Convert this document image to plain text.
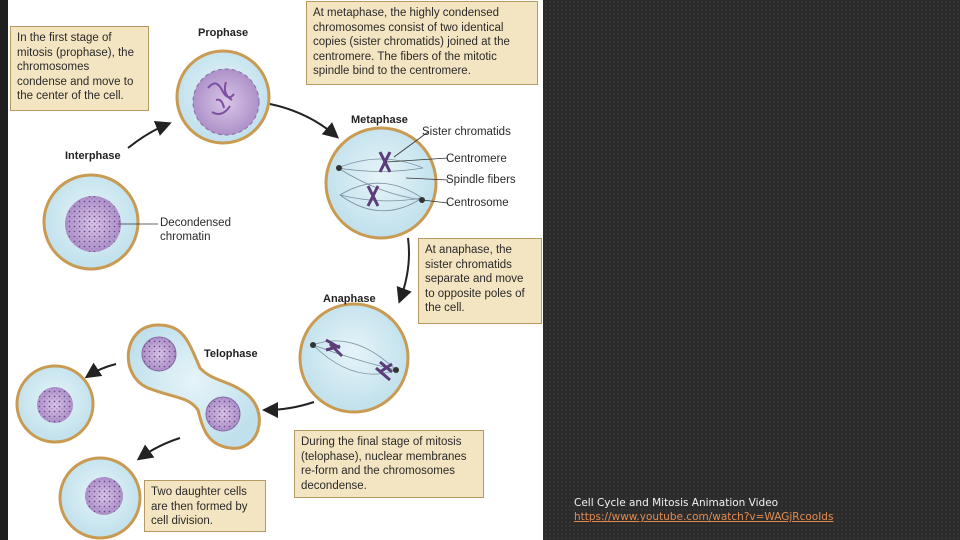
In the first stage of mitosis (prophase), the chromosomes condense and move to the center of the cell.
At metaphase, the highly condensed chromosomes consist of two identical copies (sister chromatids) joined at the centromere. The fibers of the mitotic spindle bind to the centromere.
At anaphase, the sister chromatids separate and move to opposite poles of the cell.
During the final stage of mitosis (telophase), nuclear membranes re-form and the chromosomes decondense.
Two daughter cells are then formed by cell division.
Prophase
Metaphase
Interphase
Anaphase
Telophase
Sister chromatids
Centromere
Spindle fibers
Centrosome
Decondensed
chromatin
Cell Cycle and Mitosis Animation Video
https://www.youtube.com/watch?v=WAGjRcooIds
